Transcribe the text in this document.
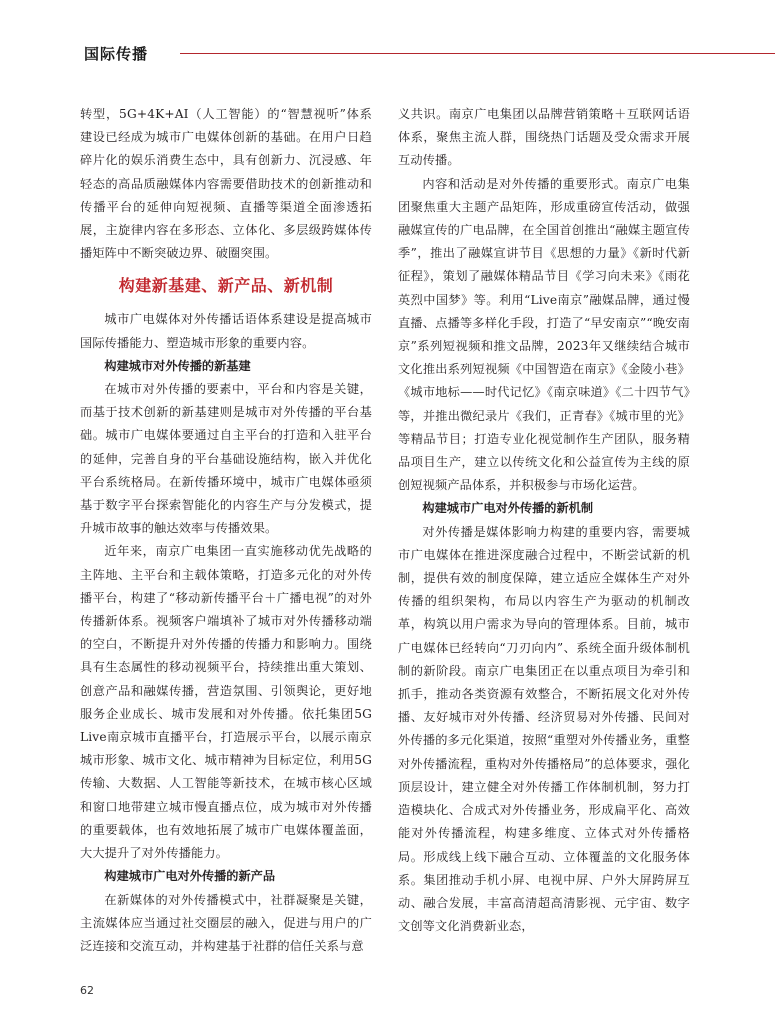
国际传播

转型，5G+4K+AI（人工智能）的“智慧视听”体系建设已经成为城市广电媒体创新的基础。在用户日趋碎片化的娱乐消费生态中，具有创新力、沉浸感、年轻态的高品质融媒体内容需要借助技术的创新推动和传播平台的延伸向短视频、直播等渠道全面渗透拓展，主旋律内容在多形态、立体化、多层级跨媒体传播矩阵中不断突破边界、破圈突围。

构建新基建、新产品、新机制

城市广电媒体对外传播话语体系建设是提高城市国际传播能力、塑造城市形象的重要内容。

构建城市对外传播的新基建

在城市对外传播的要素中，平台和内容是关键，而基于技术创新的新基建则是城市对外传播的平台基础。城市广电媒体要通过自主平台的打造和入驻平台的延伸，完善自身的平台基础设施结构，嵌入并优化平台系统格局。在新传播环境中，城市广电媒体亟须基于数字平台探索智能化的内容生产与分发模式，提升城市故事的触达效率与传播效果。

近年来，南京广电集团一直实施移动优先战略的主阵地、主平台和主载体策略，打造多元化的对外传播平台，构建了“移动新传播平台＋广播电视”的对外传播新体系。视频客户端填补了城市对外传播移动端的空白，不断提升对外传播的传播力和影响力。围绕具有生态属性的移动视频平台，持续推出重大策划、创意产品和融媒传播，营造氛围、引领舆论，更好地服务企业成长、城市发展和对外传播。依托集团5G Live南京城市直播平台，打造展示平台，以展示南京城市形象、城市文化、城市精神为目标定位，利用5G传输、大数据、人工智能等新技术，在城市核心区域和窗口地带建立城市慢直播点位，成为城市对外传播的重要载体，也有效地拓展了城市广电媒体覆盖面，大大提升了对外传播能力。

构建城市广电对外传播的新产品

在新媒体的对外传播模式中，社群凝聚是关键，主流媒体应当通过社交圈层的融入，促进与用户的广泛连接和交流互动，并构建基于社群的信任关系与意

义共识。南京广电集团以品牌营销策略＋互联网话语体系，聚焦主流人群，围绕热门话题及受众需求开展互动传播。

内容和活动是对外传播的重要形式。南京广电集团聚焦重大主题产品矩阵，形成重磅宣传活动，做强融媒宣传的广电品牌，在全国首创推出“融媒主题宣传季”，推出了融媒宣讲节目《思想的力量》《新时代新征程》，策划了融媒体精品节目《学习向未来》《雨花英烈中国梦》等。利用“Live南京”融媒品牌，通过慢直播、点播等多样化手段，打造了“早安南京”“晚安南京”系列短视频和推文品牌，2023年又继续结合城市文化推出系列短视频《中国智造在南京》《金陵小巷》《城市地标——时代记忆》《南京味道》《二十四节气》等，并推出微纪录片《我们，正青春》《城市里的光》等精品节目；打造专业化视觉制作生产团队，服务精品项目生产，建立以传统文化和公益宣传为主线的原创短视频产品体系，并积极参与市场化运营。

构建城市广电对外传播的新机制

对外传播是媒体影响力构建的重要内容，需要城市广电媒体在推进深度融合过程中，不断尝试新的机制，提供有效的制度保障，建立适应全媒体生产对外传播的组织架构，布局以内容生产为驱动的机制改革，构筑以用户需求为导向的管理体系。目前，城市广电媒体已经转向“刀刃向内”、系统全面升级体制机制的新阶段。南京广电集团正在以重点项目为牵引和抓手，推动各类资源有效整合，不断拓展文化对外传播、友好城市对外传播、经济贸易对外传播、民间对外传播的多元化渠道，按照“重塑对外传播业务，重整对外传播流程，重构对外传播格局”的总体要求，强化顶层设计，建立健全对外传播工作体制机制，努力打造模块化、合成式对外传播业务，形成扁平化、高效能对外传播流程，构建多维度、立体式对外传播格局。形成线上线下融合互动、立体覆盖的文化服务体系。集团推动手机小屏、电视中屏、户外大屏跨屏互动、融合发展，丰富高清超高清影视、元宇宙、数字文创等文化消费新业态，

62
